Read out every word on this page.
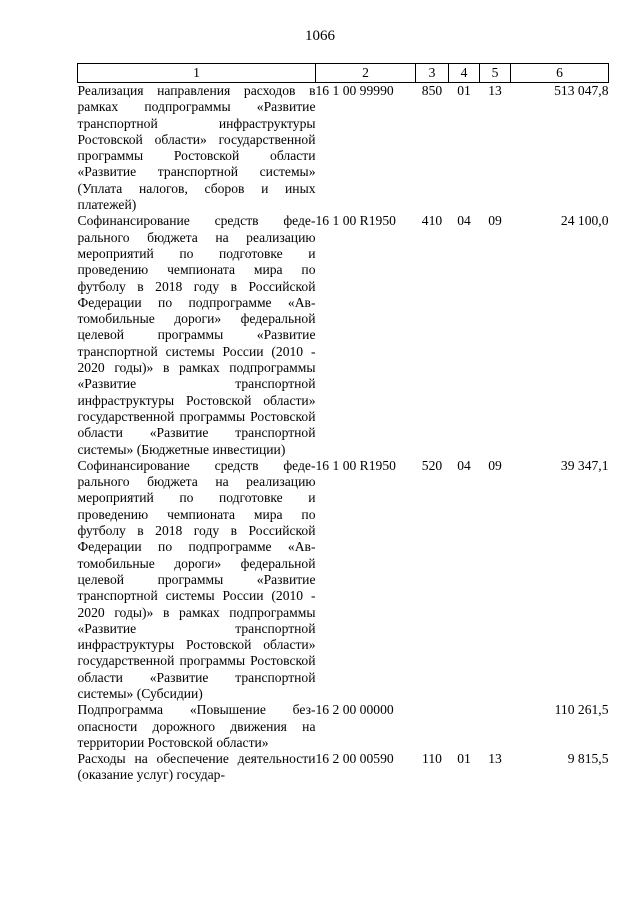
1066
1	2	3	4	5	6
Реализация направления расходов в рамках подпрограммы «Развитие транспортной инфраструктуры Ростовской области» государственной программы Ростовской области «Развитие транспортной системы» (Уплата налогов, сборов и иных платежей)	16 1 00 99990	850	01	13	513 047,8
Софинансирование средств федерального бюджета на реализацию мероприятий по подготовке и проведению чемпионата мира по футболу в 2018 году в Российской Федерации по подпрограмме «Автомобильные дороги» федеральной целевой программы «Развитие транспортной системы России (2010 - 2020 годы)» в рамках подпрограммы «Развитие транспортной инфраструктуры Ростовской области» государственной программы Ростовской области «Развитие транспортной системы» (Бюджетные инвестиции)	16 1 00 R1950	410	04	09	24 100,0
Софинансирование средств федерального бюджета на реализацию мероприятий по подготовке и проведению чемпионата мира по футболу в 2018 году в Российской Федерации по подпрограмме «Автомобильные дороги» федеральной целевой программы «Развитие транспортной системы России (2010 - 2020 годы)» в рамках подпрограммы «Развитие транспортной инфраструктуры Ростовской области» государственной программы Ростовской области «Развитие транспортной системы» (Субсидии)	16 1 00 R1950	520	04	09	39 347,1
Подпрограмма «Повышение безопасности дорожного движения на территории Ростовской области»	16 2 00 00000				110 261,5
Расходы на обеспечение деятельности (оказание услуг) государ-	16 2 00 00590	110	01	13	9 815,5
